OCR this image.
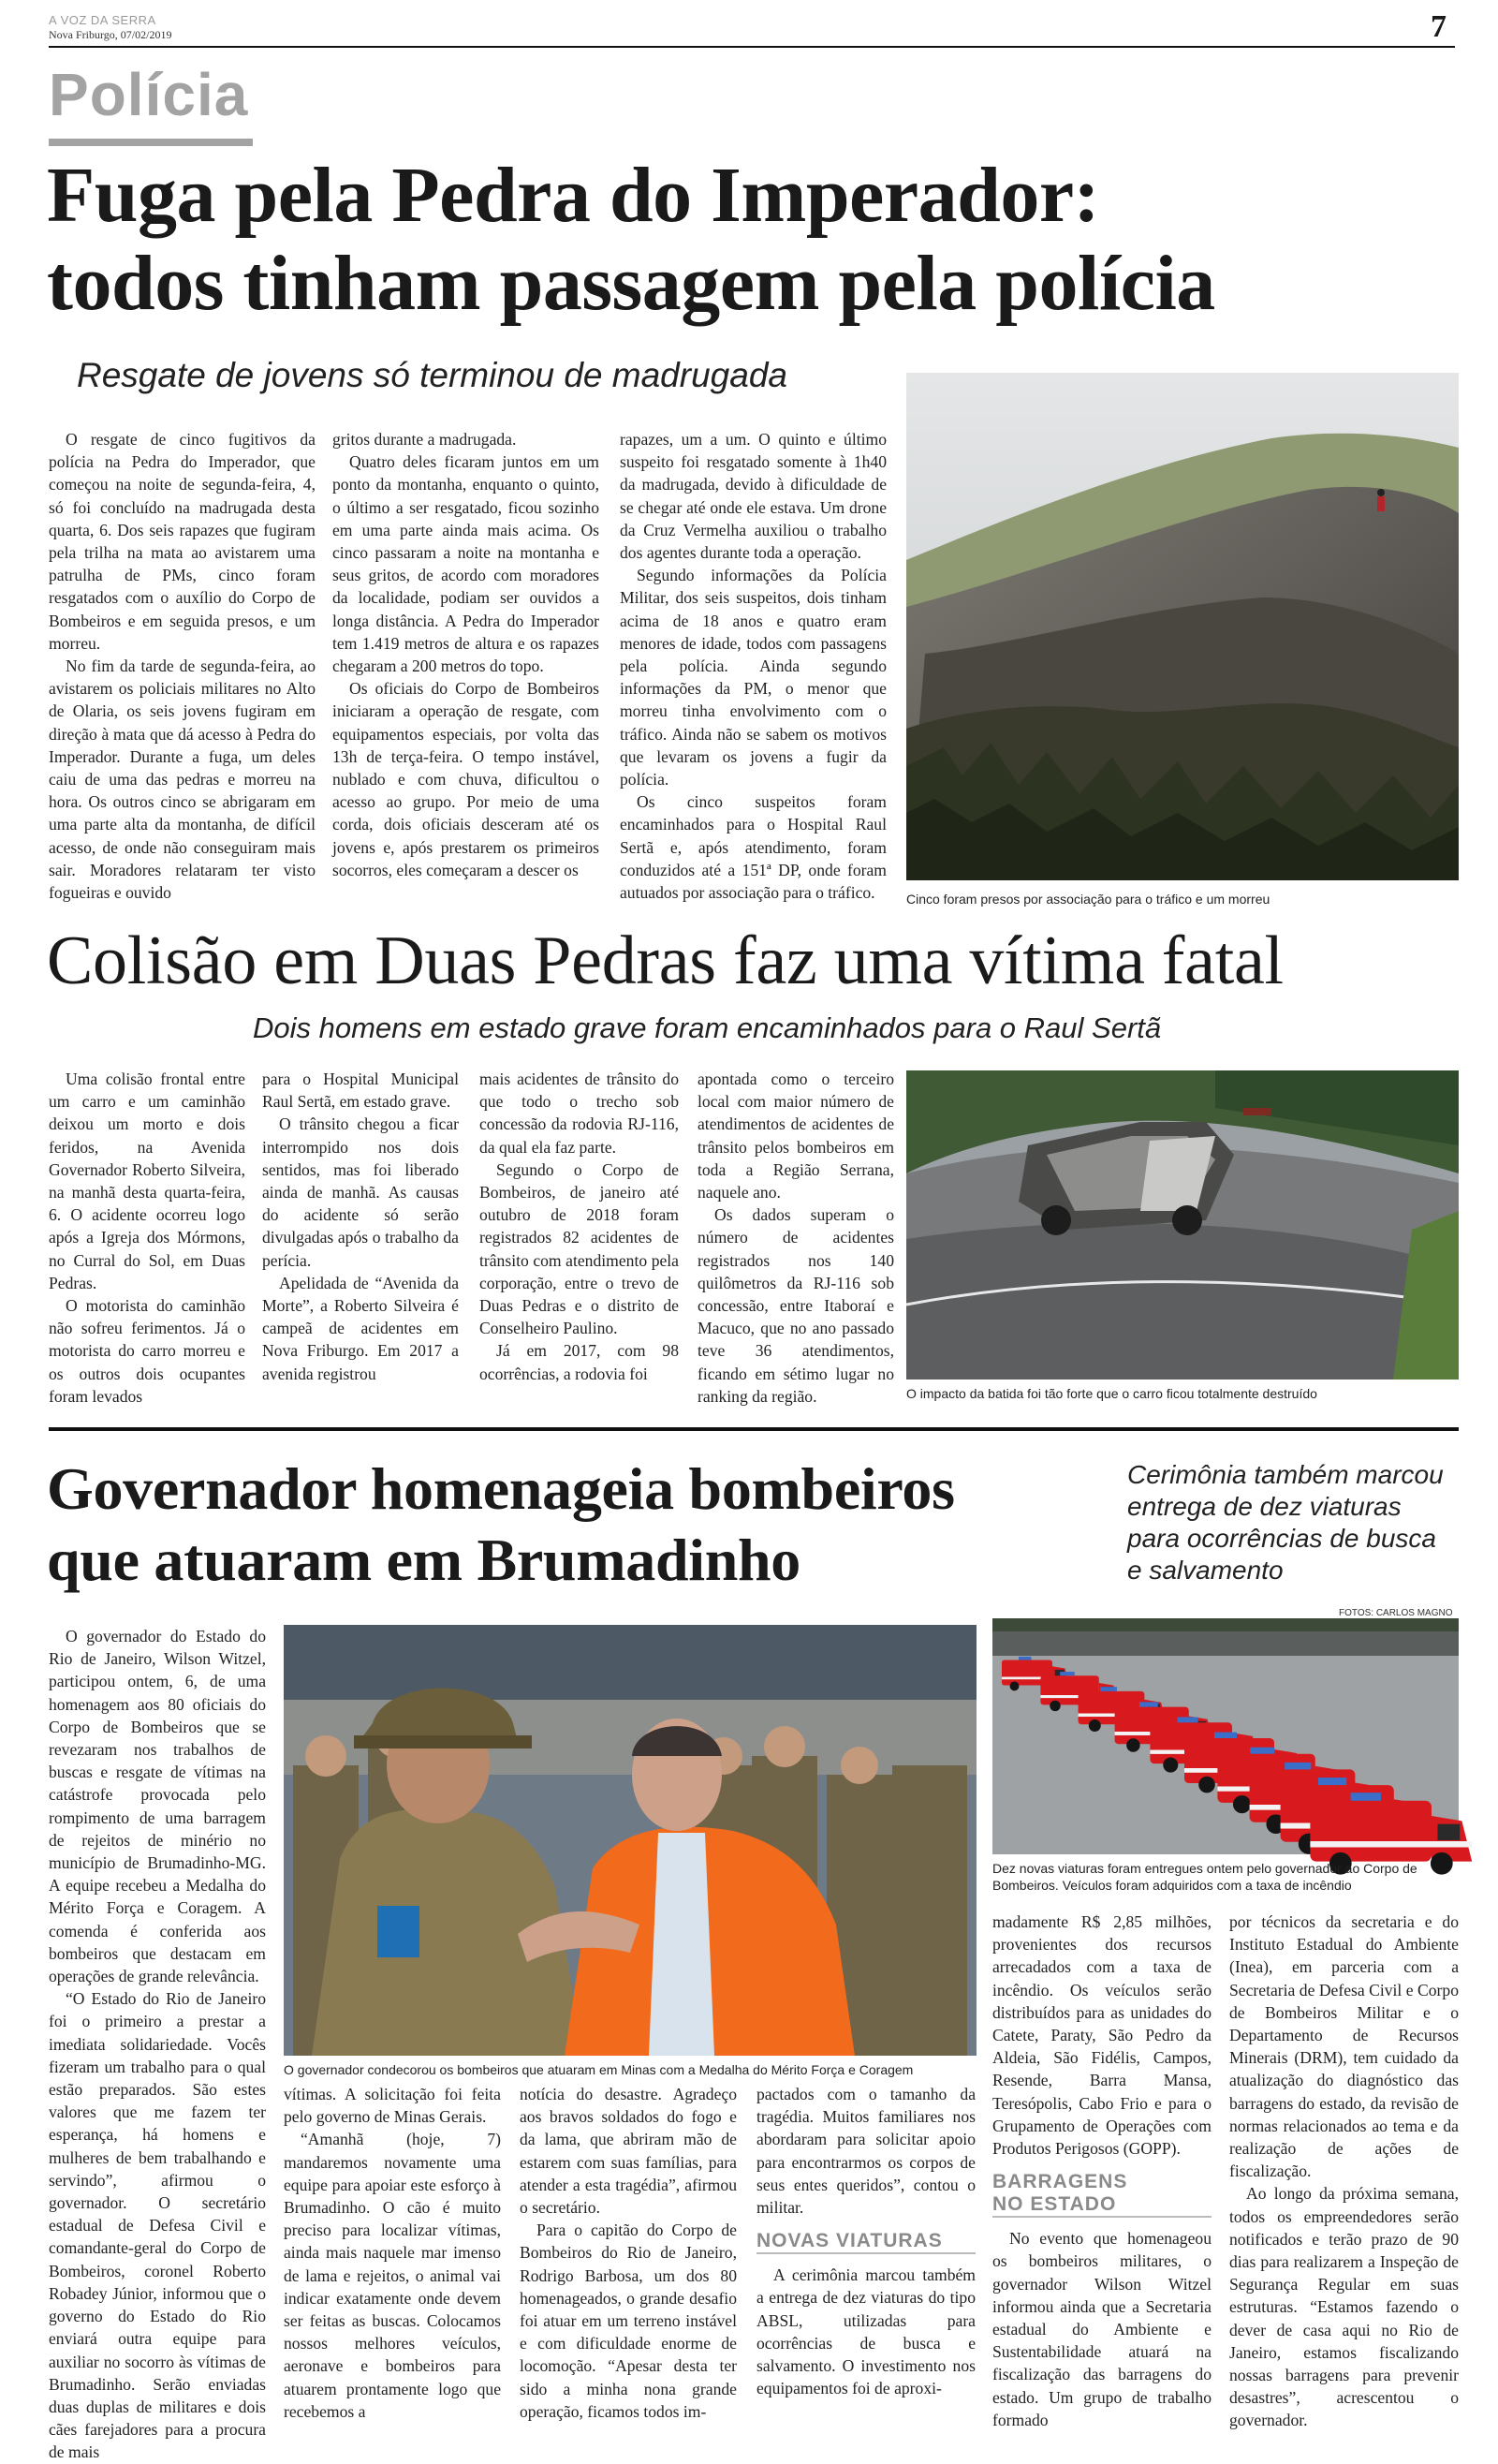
A VOZ DA SERRA
Nova Friburgo, 07/02/2019	7
Polícia
Fuga pela Pedra do Imperador:
todos tinham passagem pela polícia
Resgate de jovens só terminou de madrugada

O resgate de cinco fugitivos da polícia na Pedra do Imperador, que começou na noite de segunda-feira, 4, só foi concluído na madrugada desta quarta, 6. Dos seis rapazes que fugiram pela trilha na mata ao avistarem uma patrulha de PMs, cinco foram resgatados com o auxílio do Corpo de Bombeiros e em seguida presos, e um morreu.

No fim da tarde de segunda-feira, ao avistarem os policiais militares no Alto de Olaria, os seis jovens fugiram em direção à mata que dá acesso à Pedra do Imperador. Durante a fuga, um deles caiu de uma das pedras e morreu na hora. Os outros cinco se abrigaram em uma parte alta da montanha, de difícil acesso, de onde não conseguiram mais sair. Moradores relataram ter visto fogueiras e ouvido

gritos durante a madrugada.

Quatro deles ficaram juntos em um ponto da montanha, enquanto o quinto, o último a ser resgatado, ficou sozinho em uma parte ainda mais acima. Os cinco passaram a noite na montanha e seus gritos, de acordo com moradores da localidade, podiam ser ouvidos a longa distância. A Pedra do Imperador tem 1.419 metros de altura e os rapazes chegaram a 200 metros do topo.

Os oficiais do Corpo de Bombeiros iniciaram a operação de resgate, com equipamentos especiais, por volta das 13h de terça-feira. O tempo instável, nublado e com chuva, dificultou o acesso ao grupo. Por meio de uma corda, dois oficiais desceram até os jovens e, após prestarem os primeiros socorros, eles começaram a descer os

rapazes, um a um. O quinto e último suspeito foi resgatado somente à 1h40 da madrugada, devido à dificuldade de se chegar até onde ele estava. Um drone da Cruz Vermelha auxiliou o trabalho dos agentes durante toda a operação.

Segundo informações da Polícia Militar, dos seis suspeitos, dois tinham acima de 18 anos e quatro eram menores de idade, todos com passagens pela polícia. Ainda segundo informações da PM, o menor que morreu tinha envolvimento com o tráfico. Ainda não se sabem os motivos que levaram os jovens a fugir da polícia.

Os cinco suspeitos foram encaminhados para o Hospital Raul Sertã e, após atendimento, foram conduzidos até a 151ª DP, onde foram autuados por associação para o tráfico.	Cinco foram presos por associação para o tráfico e um morreu
Colisão em Duas Pedras faz uma vítima fatal
Dois homens em estado grave foram encaminhados para o Raul Sertã

Uma colisão frontal entre um carro e um caminhão deixou um morto e dois feridos, na Avenida Governador Roberto Silveira, na manhã desta quarta-feira, 6. O acidente ocorreu logo após a Igreja dos Mórmons, no Curral do Sol, em Duas Pedras.

O motorista do caminhão não sofreu ferimentos. Já o motorista do carro morreu e os outros dois ocupantes foram levados

para o Hospital Municipal Raul Sertã, em estado grave.

O trânsito chegou a ficar interrompido nos dois sentidos, mas foi liberado ainda de manhã. As causas do acidente só serão divulgadas após o trabalho da perícia.

Apelidada de “Avenida da Morte”, a Roberto Silveira é campeã de acidentes em Nova Friburgo. Em 2017 a avenida registrou

mais acidentes de trânsito do que todo o trecho sob concessão da rodovia RJ-116, da qual ela faz parte.

Segundo o Corpo de Bombeiros, de janeiro até outubro de 2018 foram registrados 82 acidentes de trânsito com atendimento pela corporação, entre o trevo de Duas Pedras e o distrito de Conselheiro Paulino.

Já em 2017, com 98 ocorrências, a rodovia foi

apontada como o terceiro local com maior número de atendimentos de acidentes de trânsito pelos bombeiros em toda a Região Serrana, naquele ano.

Os dados superam o número de acidentes registrados nos 140 quilômetros da RJ-116 sob concessão, entre Itaboraí e Macuco, que no ano passado teve 36 atendimentos, ficando em sétimo lugar no ranking da região.	O impacto da batida foi tão forte que o carro ficou totalmente destruído
Governador homenageia bombeiros
que atuaram em Brumadinho
Cerimônia também marcou entrega de dez viaturas para ocorrências de busca e salvamento
FOTOS: CARLOS MAGNO

O governador do Estado do Rio de Janeiro, Wilson Witzel, participou ontem, 6, de uma homenagem aos 80 oficiais do Corpo de Bombeiros que se revezaram nos trabalhos de buscas e resgate de vítimas na catástrofe provocada pelo rompimento de uma barragem de rejeitos de minério no município de Brumadinho-MG. A equipe recebeu a Medalha do Mérito Força e Coragem. A comenda é conferida aos bombeiros que destacam em operações de grande relevância.

“O Estado do Rio de Janeiro foi o primeiro a prestar a imediata solidariedade. Vocês fizeram um trabalho para o qual estão preparados. São estes valores que me fazem ter esperança, há homens e mulheres de bem trabalhando e servindo”, afirmou o governador. O secretário estadual de Defesa Civil e comandante-geral do Corpo de Bombeiros, coronel Roberto Robadey Júnior, informou que o governo do Estado do Rio enviará outra equipe para auxiliar no socorro às vítimas de Brumadinho. Serão enviadas duas duplas de militares e dois cães farejadores para a procura de mais

O governador condecorou os bombeiros que atuaram em Minas com a Medalha do Mérito Força e Coragem
Dez novas viaturas foram entregues ontem pelo governador ao Corpo de Bombeiros. Veículos foram adquiridos com a taxa de incêndio

vítimas. A solicitação foi feita pelo governo de Minas Gerais.

“Amanhã (hoje, 7) mandaremos novamente uma equipe para apoiar este esforço à Brumadinho. O cão é muito preciso para localizar vítimas, ainda mais naquele mar imenso de lama e rejeitos, o animal vai indicar exatamente onde devem ser feitas as buscas. Colocamos nossos melhores veículos, aeronave e bombeiros para atuarem prontamente logo que recebemos a

notícia do desastre. Agradeço aos bravos soldados do fogo e da lama, que abriram mão de estarem com suas famílias, para atender a esta tragédia”, afirmou o secretário.

Para o capitão do Corpo de Bombeiros do Rio de Janeiro, Rodrigo Barbosa, um dos 80 homenageados, o grande desafio foi atuar em um terreno instável e com dificuldade enorme de locomoção. “Apesar desta ter sido a minha nona grande operação, ficamos todos im-

pactados com o tamanho da tragédia. Muitos familiares nos abordaram para solicitar apoio para encontrarmos os corpos de seus entes queridos”, contou o militar.

NOVAS VIATURAS

A cerimônia marcou também a entrega de dez viaturas do tipo ABSL, utilizadas para ocorrências de busca e salvamento. O investimento nos equipamentos foi de aproxi-

madamente R$ 2,85 milhões, provenientes dos recursos arrecadados com a taxa de incêndio. Os veículos serão distribuídos para as unidades do Catete, Paraty, São Pedro da Aldeia, São Fidélis, Campos, Resende, Barra Mansa, Teresópolis, Cabo Frio e para o Grupamento de Operações com Produtos Perigosos (GOPP).

BARRAGENS

NO ESTADO

No evento que homenageou os bombeiros militares, o governador Wilson Witzel informou ainda que a Secretaria estadual do Ambiente e Sustentabilidade atuará na fiscalização das barragens do estado. Um grupo de trabalho formado

por técnicos da secretaria e do Instituto Estadual do Ambiente (Inea), em parceria com a Secretaria de Defesa Civil e Corpo de Bombeiros Militar e o Departamento de Recursos Minerais (DRM), tem cuidado da atualização do diagnóstico das barragens do estado, da revisão de normas relacionados ao tema e da realização de ações de fiscalização.

Ao longo da próxima semana, todos os empreendedores serão notificados e terão prazo de 90 dias para realizarem a Inspeção de Segurança Regular em suas estruturas. “Estamos fazendo o dever de casa aqui no Rio de Janeiro, estamos fiscalizando nossas barragens para prevenir desastres”, acrescentou o governador.
